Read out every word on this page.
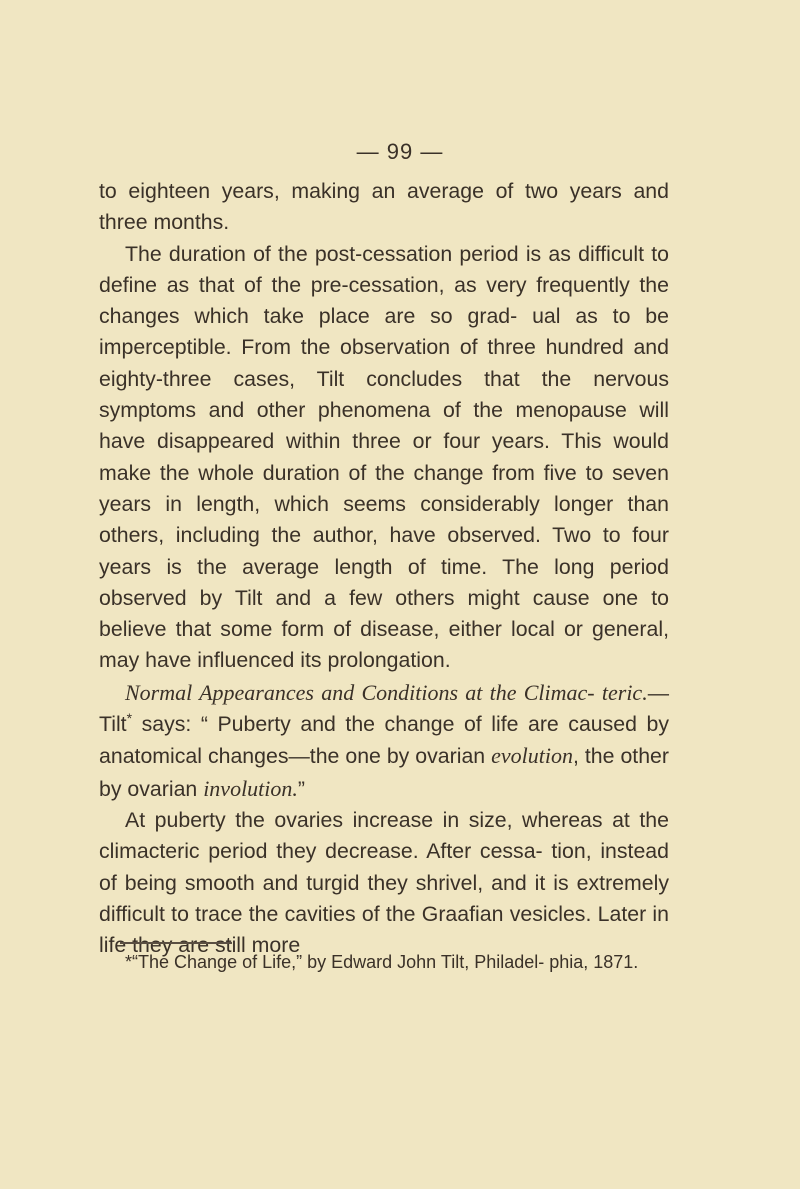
— 99 —

to eighteen years, making an average of two years and three months.

The duration of the post-cessation period is as difficult to define as that of the pre-cessation, as very frequently the changes which take place are so grad- ual as to be imperceptible. From the observation of three hundred and eighty-three cases, Tilt concludes that the nervous symptoms and other phenomena of the menopause will have disappeared within three or four years. This would make the whole duration of the change from five to seven years in length, which seems considerably longer than others, including the author, have observed. Two to four years is the average length of time. The long period observed by Tilt and a few others might cause one to believe that some form of disease, either local or general, may have influenced its prolongation.

Normal Appearances and Conditions at the Climac- teric.—Tilt* says: “ Puberty and the change of life are caused by anatomical changes—the one by ovarian evolution, the other by ovarian involution.”

At puberty the ovaries increase in size, whereas at the climacteric period they decrease. After cessa- tion, instead of being smooth and turgid they shrivel, and it is extremely difficult to trace the cavities of the Graafian vesicles. Later in life they are still more

*“The Change of Life,” by Edward John Tilt, Philadel- phia, 1871.
